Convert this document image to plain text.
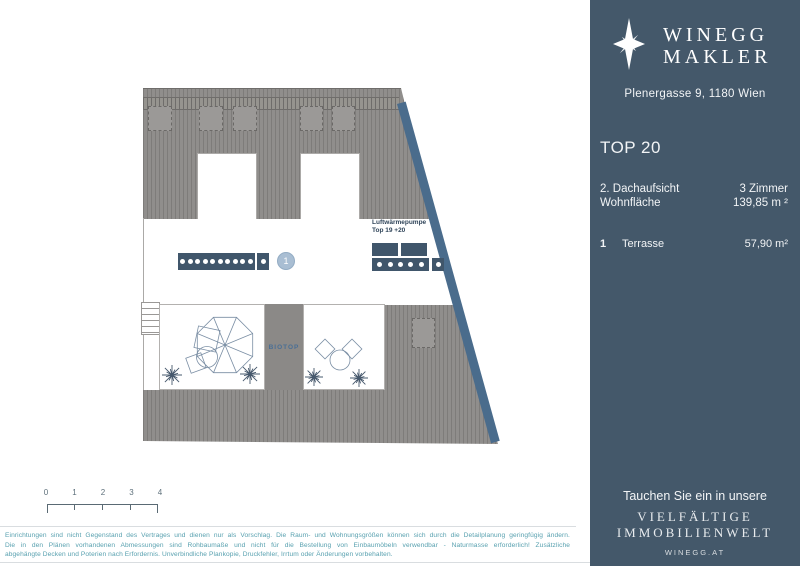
BIOTOP
1
Luftwärmepumpe
Top 19 +20
0	1	2	3	4
Einrichtungen sind nicht Gegenstand des Vertrages und dienen nur als Vorschlag. Die Raum- und Wohnungsgrößen können sich durch die Detailplanung geringfügig ändern.
Die in den Plänen vorhandenen Abmessungen sind Rohbaumaße und nicht für die Bestellung von Einbaumöbeln verwendbar - Naturmasse erforderlich! Zusätzliche
abgehängte Decken und Poterien nach Erfordernis. Unverbindliche Plankopie, Druckfehler, Irrtum oder Änderungen vorbehalten.
WINEGG
MAKLER
Plenergasse 9, 1180 Wien
TOP 20
2. Dachaufsicht	3 Zimmer
Wohnfläche	139,85 m ²
1	Terrasse	57,90 m²
Tauchen Sie ein in unsere
VIELFÄLTIGE
IMMOBILIENWELT
WINEGG.AT
